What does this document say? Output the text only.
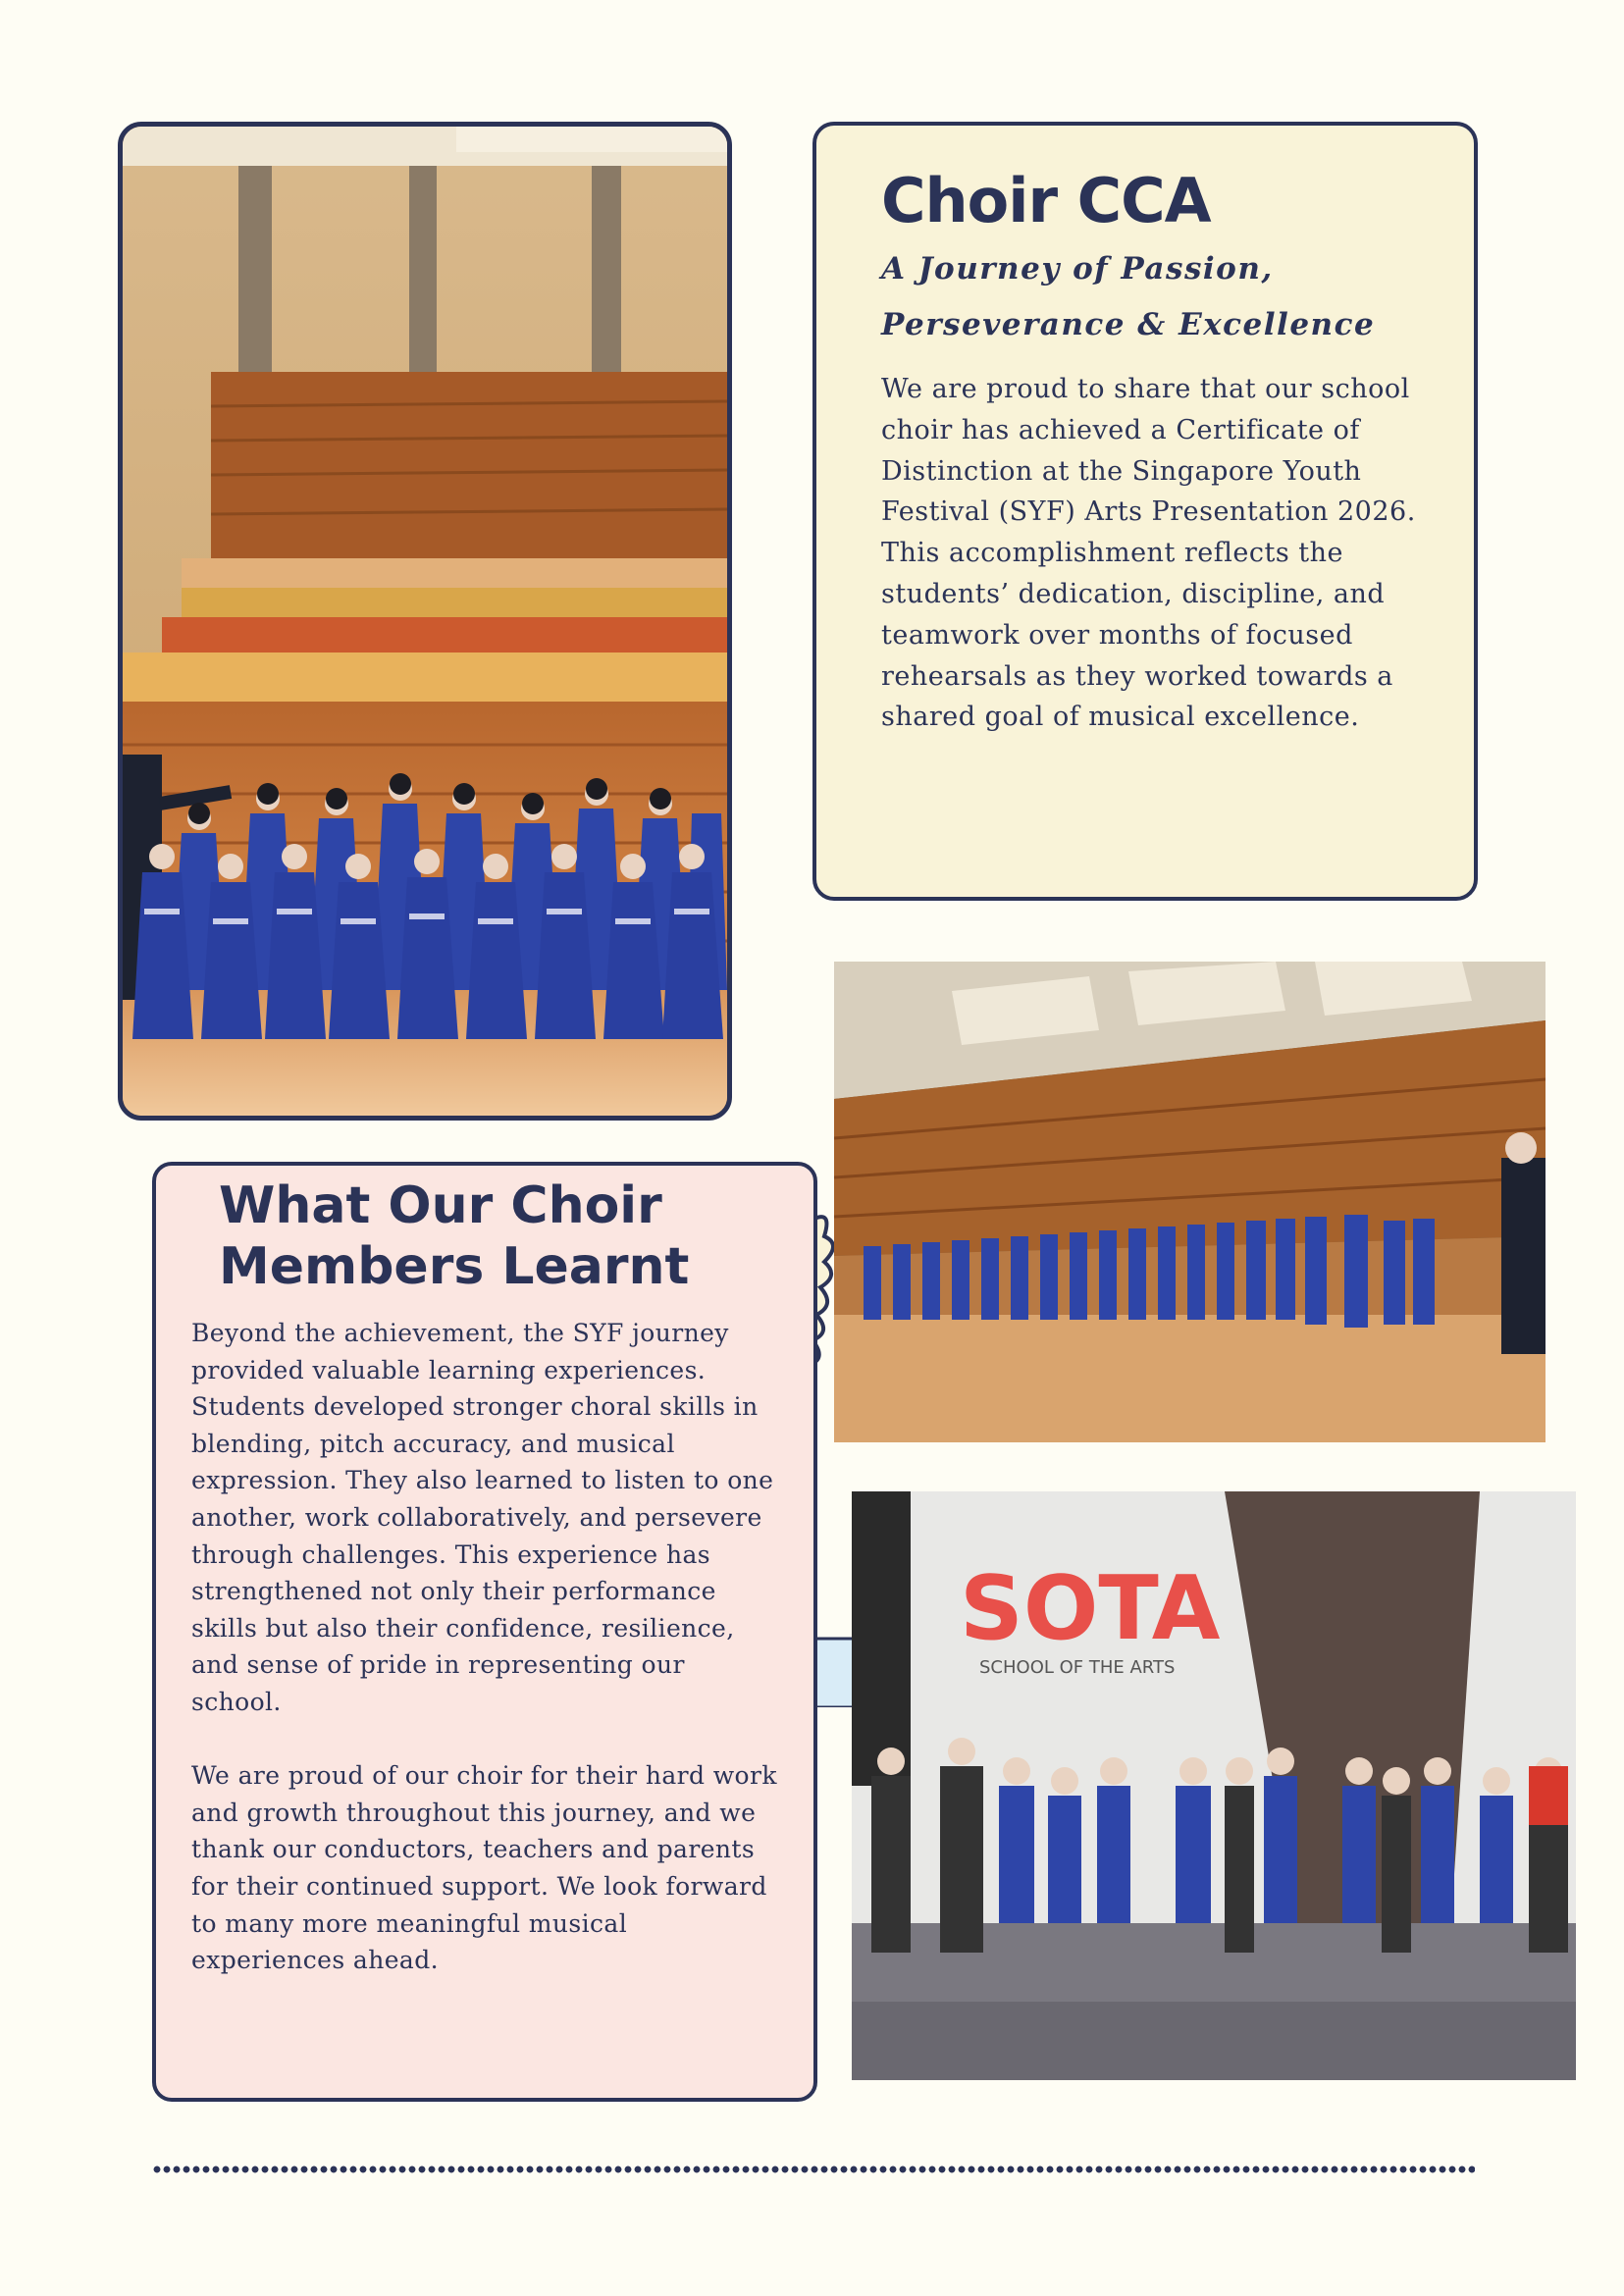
Choir CCA
A Journey of Passion,
Perseverance & Excellence
We are proud to share that our school choir has achieved a Certificate of Distinction at the Singapore Youth Festival (SYF) Arts Presentation 2026. This accomplishment reflects the students’ dedication, discipline, and teamwork over months of focused rehearsals as they worked towards a shared goal of musical excellence.
SOTA
SCHOOL OF THE ARTS
What Our Choir
Members Learnt

Beyond the achievement, the SYF journey provided valuable learning experiences. Students developed stronger choral skills in blending, pitch accuracy, and musical expression. They also learned to listen to one another, work collaboratively, and persevere through challenges. This experience has strengthened not only their performance skills but also their confidence, resilience, and sense of pride in representing our school.

We are proud of our choir for their hard work and growth throughout this journey, and we thank our conductors, teachers and parents for their continued support. We look forward to many more meaningful musical experiences ahead.
